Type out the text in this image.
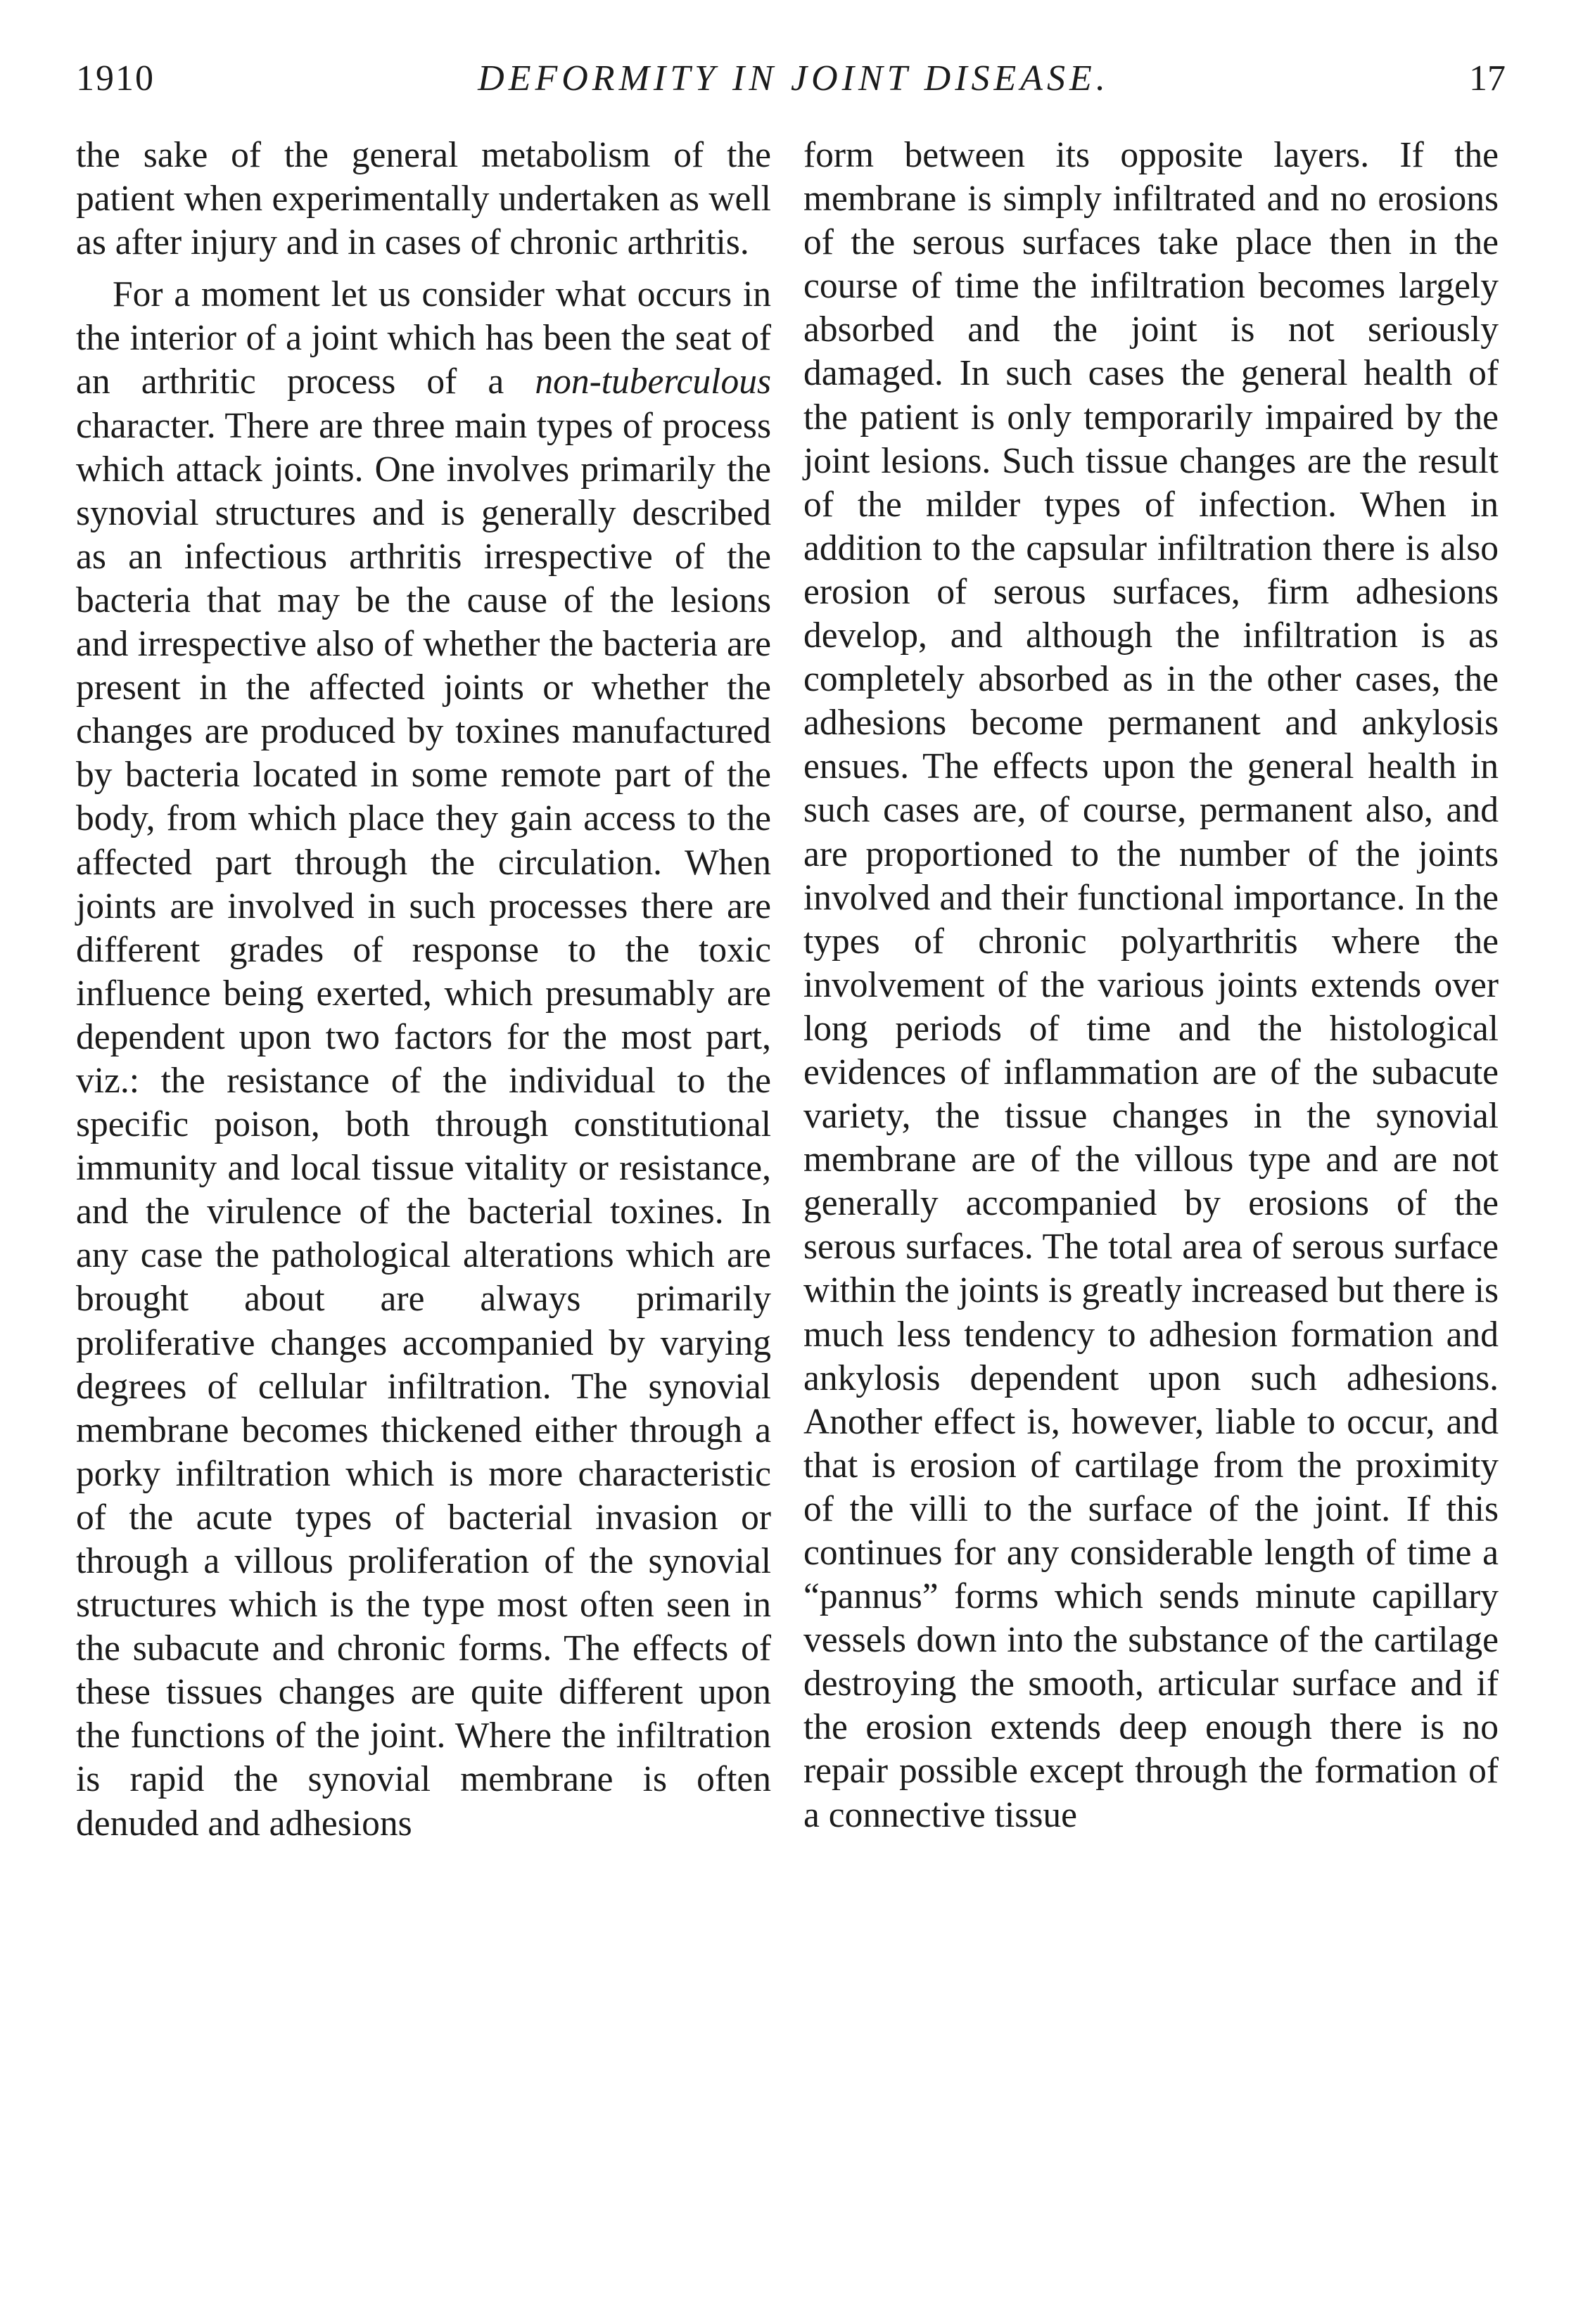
1910	DEFORMITY IN JOINT DISEASE.	17

the sake of the general metabolism of the patient when experimentally undertaken as well as after injury and in cases of chronic arthritis.

For a moment let us consider what occurs in the interior of a joint which has been the seat of an arthritic process of a non-tuberculous character. There are three main types of process which attack joints. One involves primarily the synovial structures and is generally described as an infectious arthritis irrespective of the bacteria that may be the cause of the lesions and irrespective also of whether the bacteria are present in the affected joints or whether the changes are produced by toxines manufactured by bacteria located in some remote part of the body, from which place they gain access to the affected part through the circulation. When joints are involved in such processes there are different grades of response to the toxic influence being exerted, which presumably are dependent upon two factors for the most part, viz.: the resistance of the individual to the specific poison, both through constitutional immunity and local tissue vitality or resistance, and the virulence of the bacterial toxines. In any case the pathological alterations which are brought about are always primarily proliferative changes accompanied by varying degrees of cellular infiltration. The synovial membrane becomes thickened either through a porky infiltration which is more characteristic of the acute types of bacterial invasion or through a villous proliferation of the synovial structures which is the type most often seen in the subacute and chronic forms. The effects of these tissues changes are quite different upon the functions of the joint. Where the infiltration is rapid the synovial membrane is often denuded and adhesions

form between its opposite layers. If the membrane is simply infiltrated and no erosions of the serous surfaces take place then in the course of time the infiltration becomes largely absorbed and the joint is not seriously damaged. In such cases the general health of the patient is only temporarily impaired by the joint lesions. Such tissue changes are the result of the milder types of infection. When in addition to the capsular infiltration there is also erosion of serous surfaces, firm adhesions develop, and although the infiltration is as completely absorbed as in the other cases, the adhesions become permanent and ankylosis ensues. The effects upon the general health in such cases are, of course, permanent also, and are proportioned to the number of the joints involved and their functional importance. In the types of chronic polyarthritis where the involvement of the various joints extends over long periods of time and the histological evidences of inflammation are of the subacute variety, the tissue changes in the synovial membrane are of the villous type and are not generally accompanied by erosions of the serous surfaces. The total area of serous surface within the joints is greatly increased but there is much less tendency to adhesion formation and ankylosis dependent upon such adhesions. Another effect is, however, liable to occur, and that is erosion of cartilage from the proximity of the villi to the surface of the joint. If this continues for any considerable length of time a “pannus” forms which sends minute capillary vessels down into the substance of the cartilage destroying the smooth, articular surface and if the erosion extends deep enough there is no repair possible except through the formation of a connective tissue
